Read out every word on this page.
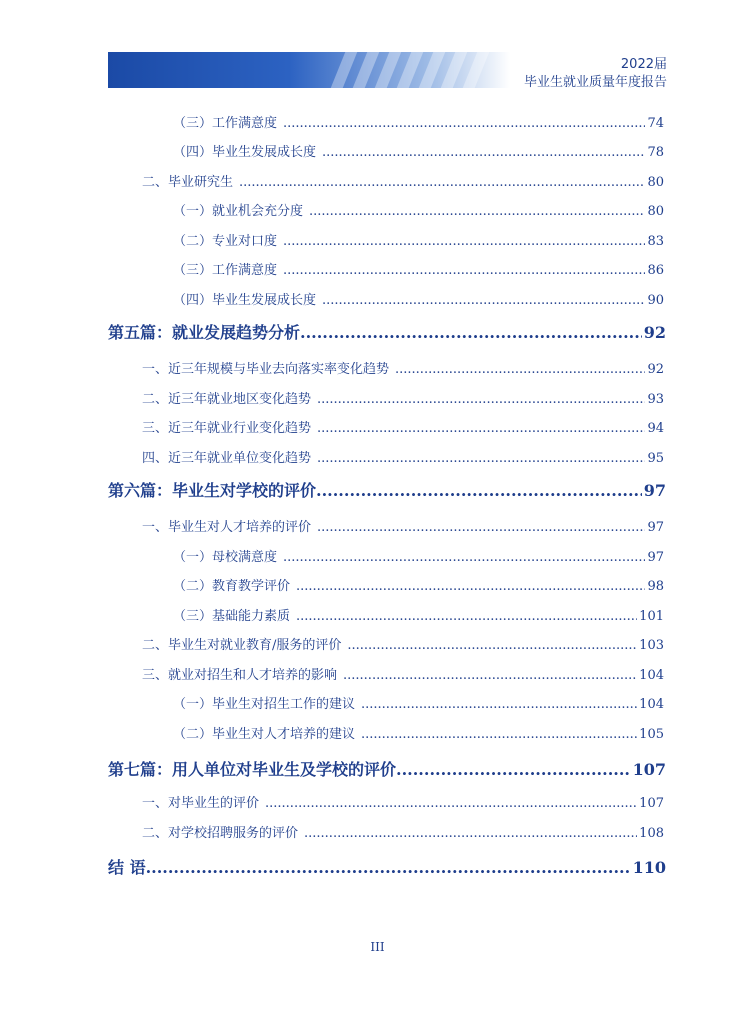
2022届
毕业生就业质量年度报告
（三）工作满意度 .....	74
（四）毕业生发展成长度 .....	78
二、毕业研究生 .....	80
（一）就业机会充分度 .....	80
（二）专业对口度 .....	83
（三）工作满意度 .....	86
（四）毕业生发展成长度 .....	90
第五篇：就业发展趋势分析 .....	92
一、近三年规模与毕业去向落实率变化趋势 .....	92
二、近三年就业地区变化趋势 .....	93
三、近三年就业行业变化趋势 .....	94
四、近三年就业单位变化趋势 .....	95
第六篇：毕业生对学校的评价 .....	97
一、毕业生对人才培养的评价 .....	97
（一）母校满意度 .....	97
（二）教育教学评价 .....	98
（三）基础能力素质 .....	101
二、毕业生对就业教育/服务的评价 .....	103
三、就业对招生和人才培养的影响 .....	104
（一）毕业生对招生工作的建议 .....	104
（二）毕业生对人才培养的建议 .....	105
第七篇：用人单位对毕业生及学校的评价 .....	107
一、对毕业生的评价 .....	107
二、对学校招聘服务的评价 .....	108
结 语 .....	110
III
